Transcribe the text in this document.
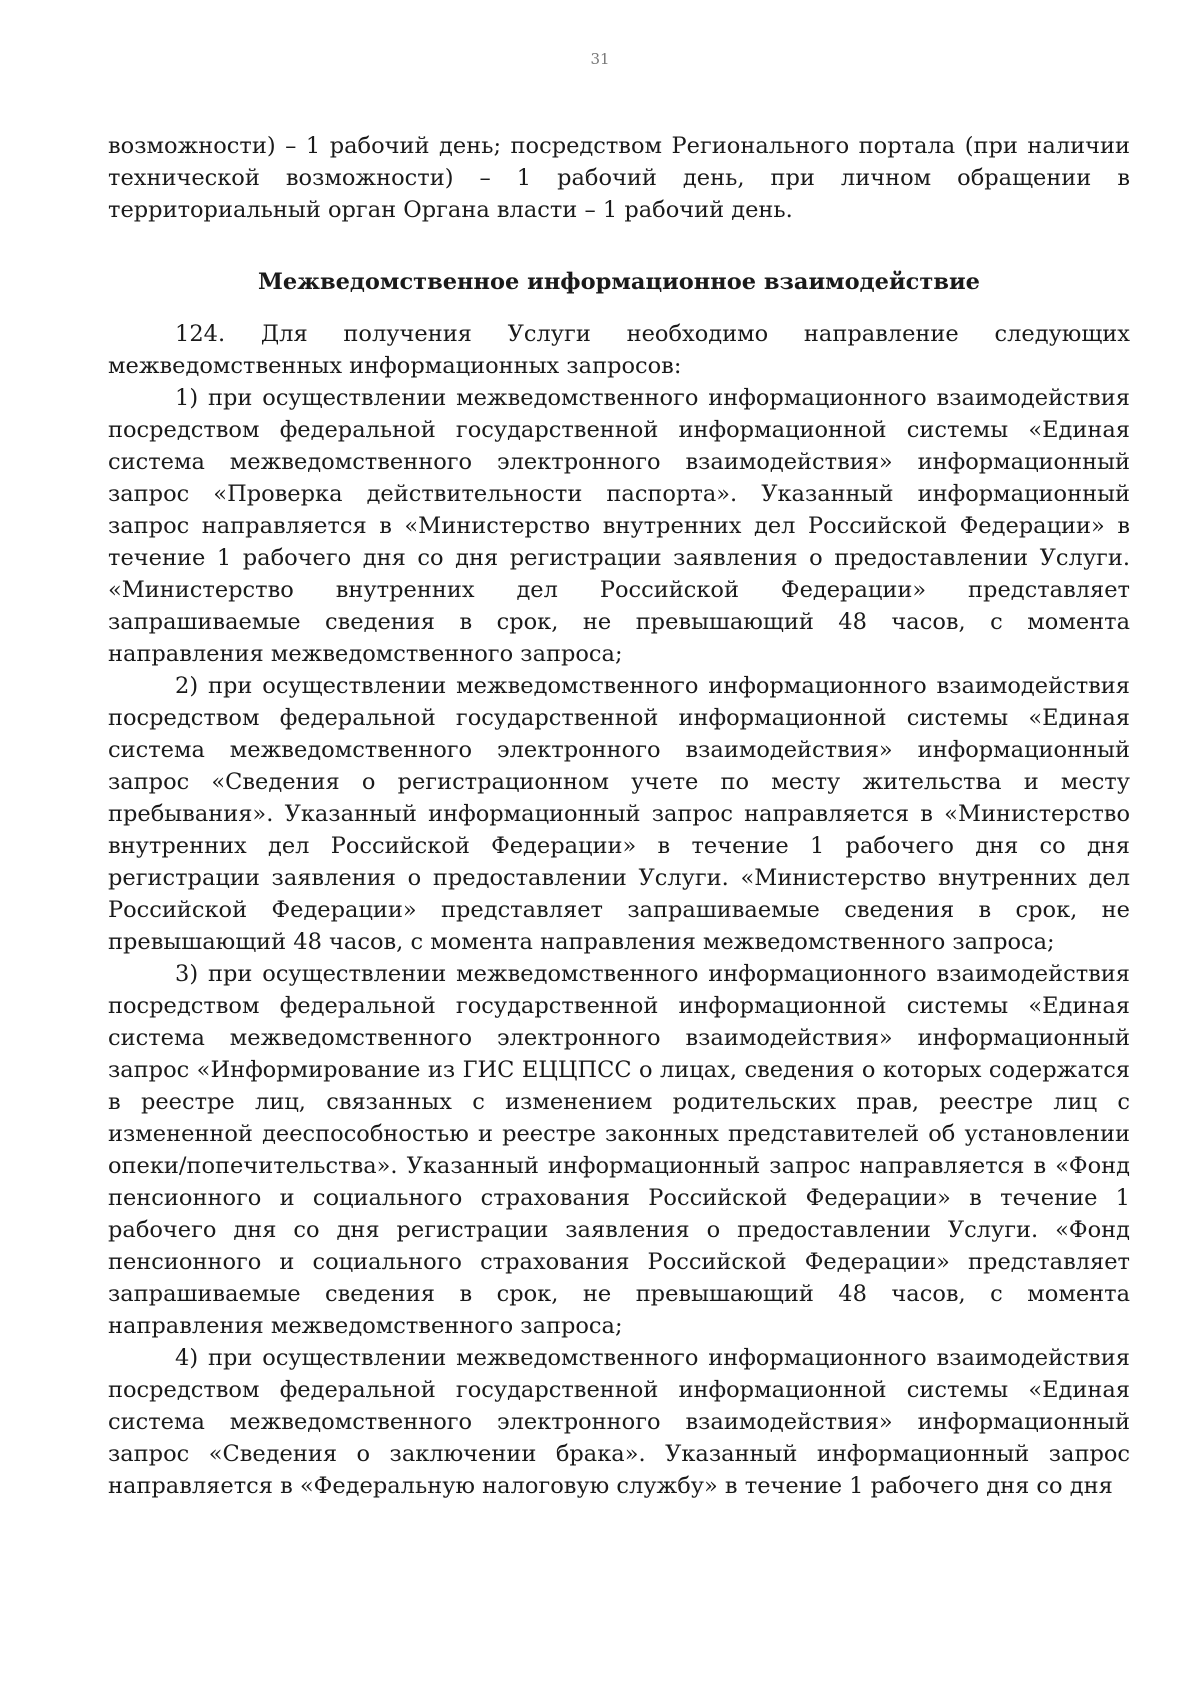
31

возможности) – 1 рабочий день; посредством Регионального портала (при наличии технической возможности) – 1 рабочий день, при личном обращении в территориальный орган Органа власти – 1 рабочий день.

Межведомственное информационное взаимодействие

124. Для получения Услуги необходимо направление следующих межведомственных информационных запросов:

1) при осуществлении межведомственного информационного взаимодействия посредством федеральной государственной информационной системы «Единая система межведомственного электронного взаимодействия» информационный запрос «Проверка действительности паспорта». Указанный информационный запрос направляется в «Министерство внутренних дел Российской Федерации» в течение 1 рабочего дня со дня регистрации заявления о предоставлении Услуги. «Министерство внутренних дел Российской Федерации» представляет запрашиваемые сведения в срок, не превышающий 48 часов, с момента направления межведомственного запроса;

2) при осуществлении межведомственного информационного взаимодействия посредством федеральной государственной информационной системы «Единая система межведомственного электронного взаимодействия» информационный запрос «Сведения о регистрационном учете по месту жительства и месту пребывания». Указанный информационный запрос направляется в «Министерство внутренних дел Российской Федерации» в течение 1 рабочего дня со дня регистрации заявления о предоставлении Услуги. «Министерство внутренних дел Российской Федерации» представляет запрашиваемые сведения в срок, не превышающий 48 часов, с момента направления межведомственного запроса;

3) при осуществлении межведомственного информационного взаимодействия посредством федеральной государственной информационной системы «Единая система межведомственного электронного взаимодействия» информационный запрос «Информирование из ГИС ЕЦЦПСС о лицах, сведения о которых содержатся в реестре лиц, связанных с изменением родительских прав, реестре лиц с измененной дееспособностью и реестре законных представителей об установлении опеки/попечительства». Указанный информационный запрос направляется в «Фонд пенсионного и социального страхования Российской Федерации» в течение 1 рабочего дня со дня регистрации заявления о предоставлении Услуги. «Фонд пенсионного и социального страхования Российской Федерации» представляет запрашиваемые сведения в срок, не превышающий 48 часов, с момента направления межведомственного запроса;

4) при осуществлении межведомственного информационного взаимодействия посредством федеральной государственной информационной системы «Единая система межведомственного электронного взаимодействия» информационный запрос «Сведения о заключении брака». Указанный информационный запрос направляется в «Федеральную налоговую службу» в течение 1 рабочего дня со дня
